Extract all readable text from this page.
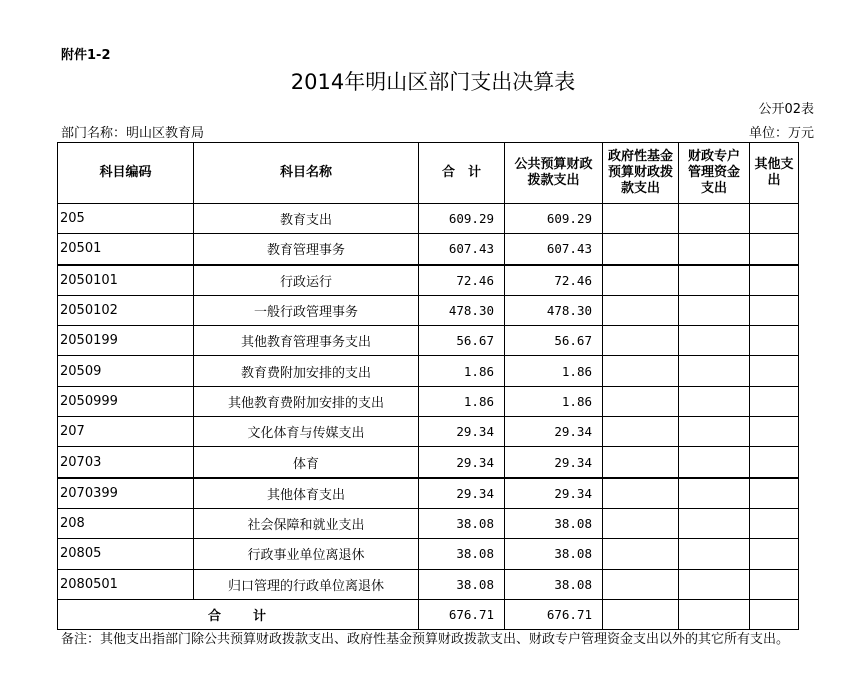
附件1-2
2014年明山区部门支出决算表
公开02表
部门名称：明山区教育局	单位：万元
科目编码	科目名称	合　计	公共预算财政拨款支出	政府性基金预算财政拨款支出	财政专户管理资金支出	其他支出
205	教育支出	609.29	609.29			
20501	教育管理事务	607.43	607.43			
2050101	行政运行	72.46	72.46			
2050102	一般行政管理事务	478.30	478.30			
2050199	其他教育管理事务支出	56.67	56.67			
20509	教育费附加安排的支出	1.86	1.86			
2050999	其他教育费附加安排的支出	1.86	1.86			
207	文化体育与传媒支出	29.34	29.34			
20703	体育	29.34	29.34			
2070399	其他体育支出	29.34	29.34			
208	社会保障和就业支出	38.08	38.08			
20805	行政事业单位离退休	38.08	38.08			
2080501	归口管理的行政单位离退休	38.08	38.08			
合　　计		676.71	676.71			
备注：其他支出指部门除公共预算财政拨款支出、政府性基金预算财政拨款支出、财政专户管理资金支出以外的其它所有支出。
